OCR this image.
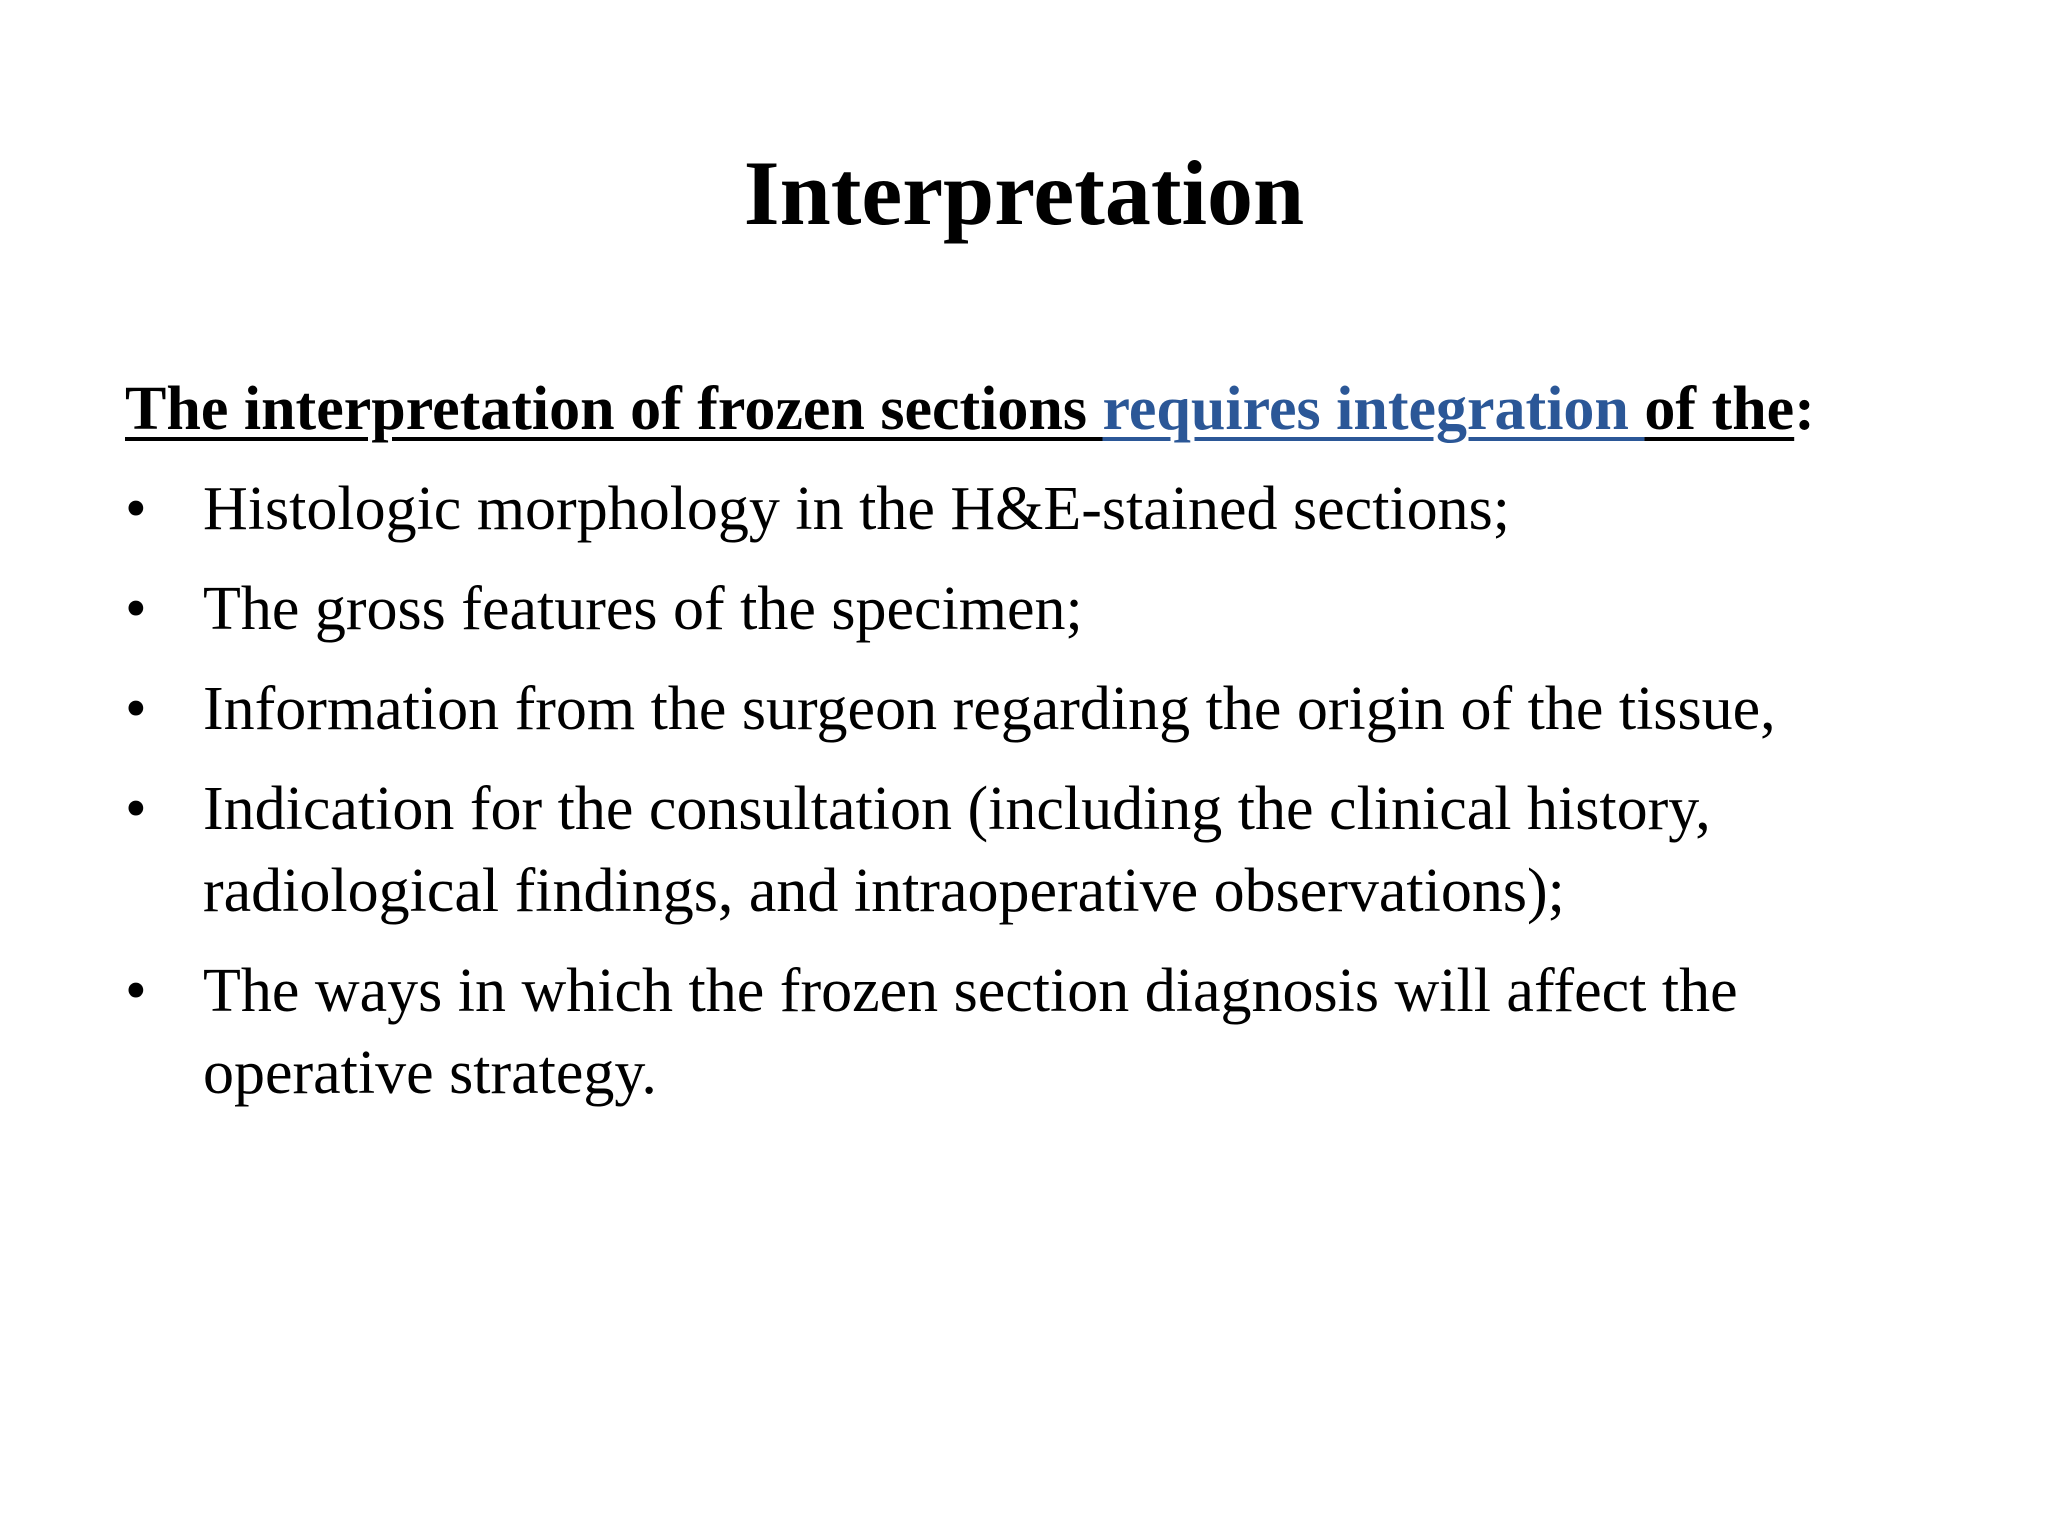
Interpretation

The interpretation of frozen sections requires integration of the:

• Histologic morphology in the H&E-stained sections;
• The gross features of the specimen;
• Information from the surgeon regarding the origin of the tissue,
• Indication for the consultation (including the clinical history, radiological findings, and intraoperative observations);
• The ways in which the frozen section diagnosis will affect the operative strategy.
